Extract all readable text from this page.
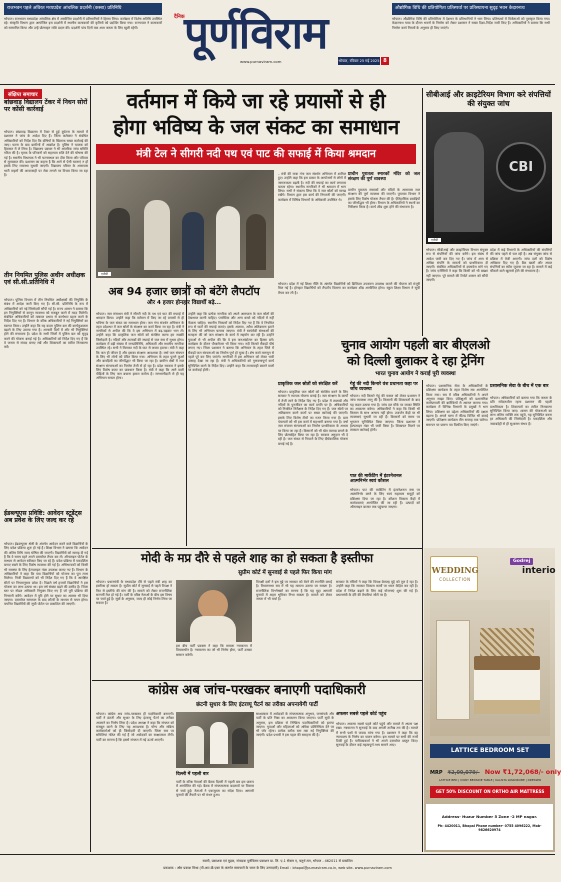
राजभवन पहले अविरत मध्यप्रदेश आंचलिक प्रदर्शनी (कस्बा) प्रतिनिधि
भोपाल। राजभवन मध्यप्रदेश आंचलिक क्षेत्र में आयोजित प्रदर्शनी में प्रतिभागियों ने हिस्सा लिया। कार्यक्रम में विशेष अतिथि उपस्थित रहे। संस्कृति विभाग द्वारा आयोजित इस प्रदर्शनी में स्थानीय कलाकारों की कृतियों को प्रदर्शित किया गया। राज्यपाल ने कलाकारों को सम्मानित किया और उन्हें प्रोत्साहन राशि प्रदान की। प्रदर्शनी पांच दिनों तक आम जनता के लिए खुली रहेगी।
दैनिक पूर्णविराम
www.purnaviram.com	भोपाल, रविवार 25 मई 2025 8
औद्योगिक विधि की प्रतियोगिता प्रतिस्पर्धा पर प्रतिस्थापना सुदृढ़ भवन केदारनाथ
भोपाल। औद्योगिक विधि की प्रतियोगिता में देशभर के प्रतिभागियों ने भाग लिया। प्रतिस्पर्धा में विजेताओं को पुरस्कृत किया गया। केदारनाथ यात्रा के दौरान भवनों के निर्माण को लेकर प्रशासन ने सख्त दिशा-निर्देश जारी किए हैं। अधिकारियों ने बताया कि सभी निर्माण कार्य नियमों के अनुसार ही किए जाएंगे।
संक्षिप्त समाचार
बांछवाड़ विद्यालय टेंकर में निधन सोरों पर कोंसी कार्रवाई
भोपाल। बांछवाड़ विद्यालय में टेंकर से हुई दुर्घटना के मामले में प्रशासन ने जांच के आदेश दिए हैं। जिला कलेक्टर ने संबंधित अधिकारियों को निर्देश दिए कि दोषियों के खिलाफ सख्त कार्रवाई की जाए। घटना के बाद ग्रामीणों में आक्रोश है। पुलिस ने चालक को हिरासत में ले लिया है। विद्यालय प्रबंधन ने भी आंतरिक जांच समिति गठित की है। मृतक के परिजनों को सहायता राशि देने की घोषणा की गई है। स्थानीय विधायक ने भी घटनास्थल का दौरा किया और परिवार से मुलाकात की। प्रशासन का कहना है कि आगे से ऐसी घटनाएं न हों इसके लिए व्यवस्था सुधारी जाएगी। विद्यालय परिसर के आसपास भारी वाहनों की आवाजाही पर रोक लगाने पर विचार किया जा रहा है।
तीन नियमित पुलिस अधीन अधीक्षक एवं सी.सी.प्रतिनिधि में
भोपाल। पुलिस विभाग में तीन नियमित अधीक्षकों की नियुक्ति के संबंध में आदेश जारी किए गए हैं। सी.सी. प्रतिनिधि के रूप में अधिकारियों को नई जिम्मेदारी सौंपी गई है। राज्य शासन ने बताया कि इन नियुक्तियों से कानून व्यवस्था को मजबूत करने में मदद मिलेगी। संबंधित अधिकारियों को तत्काल प्रभाव से कार्यभार ग्रहण करने के निर्देश दिए गए हैं। विभाग के वरिष्ठ अधिकारियों ने नई नियुक्तियों का स्वागत किया। उन्होंने कहा कि यह कदम पुलिस बल की कार्यकुशलता बढ़ाने के लिए उठाया गया है। आगामी दिनों में और भी नियुक्तियां होने की संभावना है। प्रदेश के सभी जिलों में पुलिस बल को सुदृढ़ करने की योजना बनाई गई है। अधिकारियों को निर्देश दिए गए हैं कि वे जनता से संवाद बनाए रखें और शिकायतों का त्वरित निराकरण करें।
ईडब्ल्यूएस प्रविष्टि: आवेदन स्टूडेंट्स अब प्रवेश के लिए जल्द कर रहे
भोपाल। ईडब्ल्यूएस श्रेणी के अंतर्गत आवेदन करने वाले विद्यार्थियों के लिए प्रवेश प्रक्रिया शुरू हो गई है। शिक्षा विभाग ने बताया कि आवेदन की अंतिम तिथि जल्द घोषित की जाएगी। विद्यार्थियों को सलाह दी गई है कि वे समय रहते अपने दस्तावेज तैयार कर लें। ऑनलाइन पोर्टल के माध्यम से आवेदन स्वीकार किए जा रहे हैं। प्रवेश प्रक्रिया में पारदर्शिता बनाए रखने के लिए विशेष व्यवस्था की गई है। अभिभावकों को किसी भी समस्या के लिए हेल्पलाइन नंबर उपलब्ध कराए गए हैं। विभाग के अधिकारियों ने कहा कि पात्र विद्यार्थियों को योजना का पूरा लाभ मिलेगा। निजी विद्यालयों को भी निर्देश दिए गए हैं कि वे आरक्षित सीटों पर नियमानुसार प्रवेश दें। पिछले वर्ष हजारों विद्यार्थियों ने इस योजना का लाभ उठाया था। इस वर्ष संख्या बढ़ने की उम्मीद है। जिला स्तर पर नोडल अधिकारी नियुक्त किए गए हैं जो पूरी प्रक्रिया की निगरानी करेंगे। आवेदन में त्रुटि होने पर सुधार का अवसर भी दिया जाएगा। दस्तावेज सत्यापन के बाद लॉटरी के माध्यम से चयन होगा। चयनित विद्यार्थियों की सूची पोर्टल पर प्रकाशित की जाएगी।
वर्तमान में किये जा रहे प्रयासों से ही
होगा भविष्य के जल संकट का समाधान
मंत्री टेल ने सीगरी नदी पथ एवं पाट की सफाई में किया श्रमदान
एजेंसी
भोपाल। जल संसाधन मंत्री ने सीगरी नदी के पथ एवं घाट की सफाई में श्रमदान किया। उन्होंने कहा कि वर्तमान में किए जा रहे प्रयासों से ही भविष्य के जल संकट का समाधान होगा। जल गंगा संवर्धन अभियान के तहत प्रदेशभर में जल स्रोतों के संरक्षण का कार्य किया जा रहा है। मंत्री ने नागरिकों से अपील की कि वे इस अभियान में बढ़-चढ़कर भाग लें। उन्होंने कहा कि प्राकृतिक जल स्रोतों को संरक्षित करना हम सबकी जिम्मेदारी है। नदियों और तालाबों की सफाई से जल स्तर में सुधार होगा। कार्यक्रम में बड़ी संख्या में जनप्रतिनिधि, अधिकारी और स्थानीय नागरिक उपस्थित रहे। सभी ने मिलकर नदी के घाट से कचरा हटाया। मंत्री ने कहा कि जल ही जीवन है और इसका संरक्षण आवश्यक है। वर्षा जल संचयन के लिए भी लोगों को प्रेरित किया गया। अभियान के तहत पुराने कुओं और बावड़ियों का जीर्णोद्धार भी किया जा रहा है। ग्रामीण क्षेत्रों में जल संरक्षण संरचनाओं का निर्माण तेजी से हो रहा है। प्रदेश सरकार ने इसके लिए विशेष बजट का प्रावधान किया है। मंत्री ने कहा कि आने वाली पीढ़ियों के लिए जल बचाना हमारा कर्तव्य है। जनभागीदारी से ही यह अभियान सफल होगा।
उन्होंने कहा कि प्रत्येक नागरिक को अपने आसपास के जल स्रोतों की देखभाल करनी चाहिए। प्लास्टिक और अन्य कचरे को नदियों में नहीं फेंकना चाहिए। स्थानीय निकायों को निर्देश दिए गए हैं कि वे नियमित रूप से घाटों की सफाई कराएं। इसके अलावा, अवैध अतिक्रमण हटाने के लिए भी अभियान चलाया जाएगा। मंत्री ने स्वयंसेवी संस्थाओं की सराहना की जो जल संरक्षण के कार्य में सहयोग कर रही हैं। उन्होंने युवाओं से भी अपील की कि वे इस जनआंदोलन का हिस्सा बनें। कार्यक्रम के दौरान पौधारोपण भी किया गया। नदी किनारे सैकड़ों पौधे लगाए गए। जिला प्रशासन ने बताया कि अभियान के तहत जिले में सैकड़ों जल संरचनाओं का निर्माण पूर्ण हो चुका है। शेष कार्य मानसून से पहले पूरे कर लिए जाएंगे। नागरिकों में इस अभियान को लेकर भारी उत्साह देखा जा रहा है। मंत्री ने अधिकारियों को गुणवत्तापूर्ण कार्य सुनिश्चित करने के निर्देश दिए। उन्होंने कहा कि लापरवाही बरतने वालों पर कार्रवाई होगी।
– मंत्री की यात्रा गंगा जल संवर्धन अभियान में शामिल हुए। उन्होंने कहा कि इस प्रकार के आयोजनों से लोगों में जागरूकता बढ़ती है। नदी की सफाई का कार्य लगातार चलता रहेगा। स्थानीय नागरिकों ने भी श्रमदान में भाग लिया। सभी ने संकल्प लिया कि वे जल स्रोतों को स्वच्छ रखेंगे। विभाग द्वारा इस कार्य की निगरानी की जाएगी। कार्यक्रम में विभिन्न विभागों के अधिकारी उपस्थित थे।
प्राचीन पुरातत्व स्मारकों मंदिर को जल संरक्षण की पूर्ण व्यवस्था
प्राचीन पुरातत्व स्मारकों और मंदिरों के आसपास जल संरक्षण की पूर्ण व्यवस्था की जाएगी। पुरातत्व विभाग ने इसके लिए विशेष योजना तैयार की है। ऐतिहासिक बावड़ियों का जीर्णोद्धार भी होगा। विभाग के अधिकारियों ने स्थलों का निरीक्षण किया है। कार्य शीघ्र शुरू होने की संभावना है।
प्राकृतिक जल स्रोतों को संरक्षित करें
भोपाल। प्राकृतिक जल स्रोतों को संरक्षित करने के लिए सरकार ने व्यापक योजना बनाई है। जल संरक्षण के कार्यों में तेजी लाने के निर्देश दिए गए हैं। प्रदेश में तालाबों और नदियों के पुनर्जीवन का कार्य प्रगति पर है। अधिकारियों को नियमित निरीक्षण के निर्देश दिए गए हैं। जल स्रोतों पर अतिक्रमण करने वालों पर सख्त कार्रवाई की जाएगी। इसके लिए विशेष टीमों का गठन किया गया है। ग्राम पंचायतों को भी इस कार्य में सहभागी बनाया गया है। वर्षा जल संचयन संरचनाओं का निर्माण प्राथमिकता के आधार पर किया जा रहा है। किसानों को भी खेत तालाब बनाने के लिए प्रोत्साहित किया जा रहा है। सरकार अनुदान भी दे रही है। जल संकट से निपटने के लिए दीर्घकालिक योजना बनाई गई है।
गेहूं की नदी किनारे वंश प्रधानता कहा पर जांच व्यवस्था
भोपाल। नदी किनारे गेहूं की फसल को लेकर प्रशासन ने जांच व्यवस्था लागू की है। किसानों की शिकायतों के बाद यह कदम उठाया गया है। जांच दल मौके पर जाकर स्थिति का आकलन करेगा। अधिकारियों ने कहा कि किसी भी किसान के साथ अन्याय नहीं होगा। उपार्जन केंद्रों पर भी व्यवस्थाएं सुधारी जा रही हैं। किसानों को समय पर भुगतान सुनिश्चित किया जाएगा। जिला प्रशासन ने हेल्पलाइन नंबर भी जारी किया है। शिकायत मिलने पर तत्काल कार्रवाई होगी।
पात की मार्केटिंग में इंटरनेशनल आत्मनिर्भर स्वयं कौशल
भोपाल। पाट की मार्केटिंग में इंटरनेशनल स्तर पर आत्मनिर्भर बनने के लिए स्वयं सहायता समूहों को प्रशिक्षण दिया जा रहा है। कौशल विकास केंद्रों में कार्यशालाएं आयोजित की जा रही हैं। उत्पादों को ऑनलाइन बाजार तक पहुंचाया जाएगा।
सीबीआई और क्राइटेरियम विभाग करे संपत्तियों की संयुक्त जांच
CBI
एजेंसी
भोपाल। सीबीआई और क्राइटेरियम विभाग संयुक्त रूप से संपत्तियों की जांच करेंगे। इस संबंध में आदेश जारी कर दिए गए हैं। जांच में आय से अधिक संपत्ति के मामलों को प्राथमिकता दी जाएगी। संबंधित अधिकारियों से दस्तावेज मांगे गए हैं। जांच एजेंसियों ने कहा कि किसी को भी बख्शा नहीं जाएगा। पूरे मामले की रिपोर्ट शासन को सौंपी जाएगी।
प्रदेश में कई विभागों के अधिकारियों की संपत्तियों की जांच पहले से चल रही है। अब संयुक्त जांच से प्रक्रिया में तेजी आएगी। जांच दलों को विशेष अधिकार दिए गए हैं। बैंक खातों और अचल संपत्तियों का ब्यौरा जुटाया जा रहा है। मामले में कई चौंकाने वाले खुलासे होने की संभावना है।
भोपाल। प्रशासनिक सेवा के अधिकारियों के प्रशिक्षण कार्यक्रम के तहत विशेष सत्र आयोजित किया गया। सत्र में वरिष्ठ अधिकारियों ने अपने अनुभव साझा किए। प्रशिक्षुओं को प्रशासनिक कार्यप्रणाली की बारीकियों से अवगत कराया गया। कार्यक्रम में विभिन्न विभागों के प्रमुखों ने भाग लिया। प्रशिक्षण का उद्देश्य अधिकारियों की दक्षता बढ़ाना है। अगले चरण में फील्ड विजिट भी कराई जाएगी। प्रशिक्षण कार्यक्रम तीन सप्ताह तक चलेगा। समापन पर प्रमाण पत्र वितरित किए जाएंगे।
प्रशासनिक सेवा के बीच में एक बार
भोपाल। अधिकारियों को बताया गया कि जनता के प्रति संवेदनशील रहना प्रशासन की पहली प्राथमिकता है। शिकायतों का त्वरित निराकरण सुनिश्चित किया जाए। शासन की योजनाओं का लाभ अंतिम व्यक्ति तक पहुंचे, यह सुनिश्चित करना हर अधिकारी की जिम्मेदारी है। पारदर्शिता और जवाबदेही से ही सुशासन संभव है।
कांग्रेस अब जांच-परखकर बनाएगी पदाधिकारी
छंटनी सुधार के लिए इंटरव्यू पैटर्न का तरीका अपनायेगी पार्टी
भोपाल। कांग्रेस अब जांच-परखकर ही पदाधिकारी बनाएगी। पार्टी ने छंटनी और सुधार के लिए इंटरव्यू पैटर्न का तरीका अपनाने का निर्णय लिया है। प्रदेश अध्यक्ष ने कहा कि संगठन को मजबूत करने के लिए यह आवश्यक है। योग्य और सक्रिय कार्यकर्ताओं को ही जिम्मेदारी दी जाएगी। जिला स्तर पर समितियां गठित की गई हैं जो आवेदकों का साक्षात्कार लेंगी। पार्टी का मानना है कि इससे संगठन में नई ऊर्जा आएगी।
दिल्ली में पहली बार
पार्टी के वरिष्ठ नेताओं की बैठक दिल्ली में पहली बार इस प्रारूप में आयोजित की गई। बैठक में संगठनात्मक बदलावों पर विस्तार से चर्चा हुई। नेताओं ने एकजुटता का संदेश दिया। आगामी चुनावों की तैयारी पर भी मंथन हुआ।
साक्षात्कार में आवेदकों के संगठनात्मक अनुभव, जनसंपर्क और पार्टी के प्रति निष्ठा का आकलन किया जाएगा। पार्टी सूत्रों के अनुसार, इस प्रक्रिया से निष्क्रिय पदाधिकारियों को हटाया जाएगा। युवाओं और महिलाओं को अधिक प्रतिनिधित्व देने पर भी जोर रहेगा। प्रत्येक ब्लॉक स्तर तक नई नियुक्तियां की जाएंगी। प्रदेश प्रभारी ने इस पहल की सराहना की है।
अफसर सबसे पहले कोर्ट पहुंच
भोपाल। अफसर सबसे पहले कोर्ट पहुंचे और मामले में अपना पक्ष रखा। न्यायालय ने सुनवाई के बाद अगली तारीख तय की है। मामले में सभी पक्षों से जवाब मांगा गया है। प्रशासन ने कहा कि वह न्यायालय के निर्णय का पालन करेगा। इस मामले पर सभी की नजरें टिकी हुई हैं। याचिकाकर्ता ने भी अपने दस्तावेज प्रस्तुत किए। सुनवाई के दौरान कई महत्वपूर्ण तथ्य सामने आए।
WEDDING
COLLECTION
Godrej
interio
LATTICE BEDROOM SET
MRP ₹2,00,079/- Now ₹1,72,068/- only
LATTICE BED | IVORY BEDSIDE TABLE | KALISTA WARDROBE | DRESSER
GET 50% DISCOUNT ON ORTHO AIR MATTRESS
Address- Huzur Number 5 Zone -2 MP nagar.
Ph: 4420011, Bhopal Phone number- 0755 4096222, Mob- 9826620974
मोदी के मप्र दौरे से पहले शाह का हो सकता है इस्तीफा
सुप्रीम कोर्ट में सुनवाई से पहले फिर किया मांग
भोपाल। प्रधानमंत्री के मध्यप्रदेश दौरे से पहले मंत्री शाह का इस्तीफा हो सकता है। सुप्रीम कोर्ट में सुनवाई से पहले विपक्ष ने फिर से इस्तीफे की मांग की है। मामले को लेकर राजनीतिक सरगर्मी तेज हो गई है। पार्टी के वरिष्ठ नेताओं के बीच इस विषय पर चर्चा हुई है। सूत्रों के अनुसार, जल्द ही कोई निर्णय लिया जा सकता है।
इस बीच पार्टी प्रवक्ता ने कहा कि मामला न्यायालय में विचाराधीन है। न्यायालय का जो भी निर्णय होगा, पार्टी उसका सम्मान करेगी।
विपक्षी दलों ने इस मुद्दे पर सरकार को घेरने की रणनीति बनाई है। विधानसभा सत्र में भी यह मामला उठाया जा सकता है। राजनीतिक विश्लेषकों का मानना है कि यह मुद्दा आगामी चुनावों में अहम भूमिका निभा सकता है। मामले को लेकर जनता में भी चर्चा है।
सरकार के मंत्रियों ने कहा कि विपक्ष बेवजह मुद्दे को तूल दे रहा है। उन्होंने कहा कि सरकार विकास कार्यों पर ध्यान केंद्रित कर रही है। प्रदेश में निवेश बढ़ाने के लिए कई योजनाएं शुरू की गई हैं। प्रधानमंत्री के दौरे की तैयारियां जोरों पर हैं।
स्वामी, प्रकाशक एवं मुद्रक, संपादक पूर्णविराम प्रकाशन प्रा. लि. ए-1 सेक्टर ए, चतुर्थ तल, भोपाल - 462011 से प्रकाशित
प्रकाशक : ओम प्रकाश मिश्रा (पी.आर.बी.एक्ट के अंतर्गत समाचारों के चयन के लिए उत्तरदायी) Email : bhopal@purnaviram.co.in, web site- www.purnaviram.com
अब 94 हजार छात्रों को बंटेंगे लैपटॉप
और 4 हजार होनहार विद्यार्थी बढ़े...
चुनाव आयोग पहली बार बीएलओ
को दिल्ली बुलाकर दे रहा ट्रेनिंग
भारत चुनाव आयोग ने कराई पूरी व्यवस्था
भोपाल। प्रदेश में नई शिक्षा नीति के अंतर्गत विद्यार्थियों को डिजिटल उपकरण उपलब्ध कराने की योजना को मंजूरी मिल गई है। होनहार विद्यार्थियों को लैपटॉप वितरण का कार्यक्रम शीघ्र आयोजित होगा। स्कूल शिक्षा विभाग ने सूची तैयार कर ली है।
